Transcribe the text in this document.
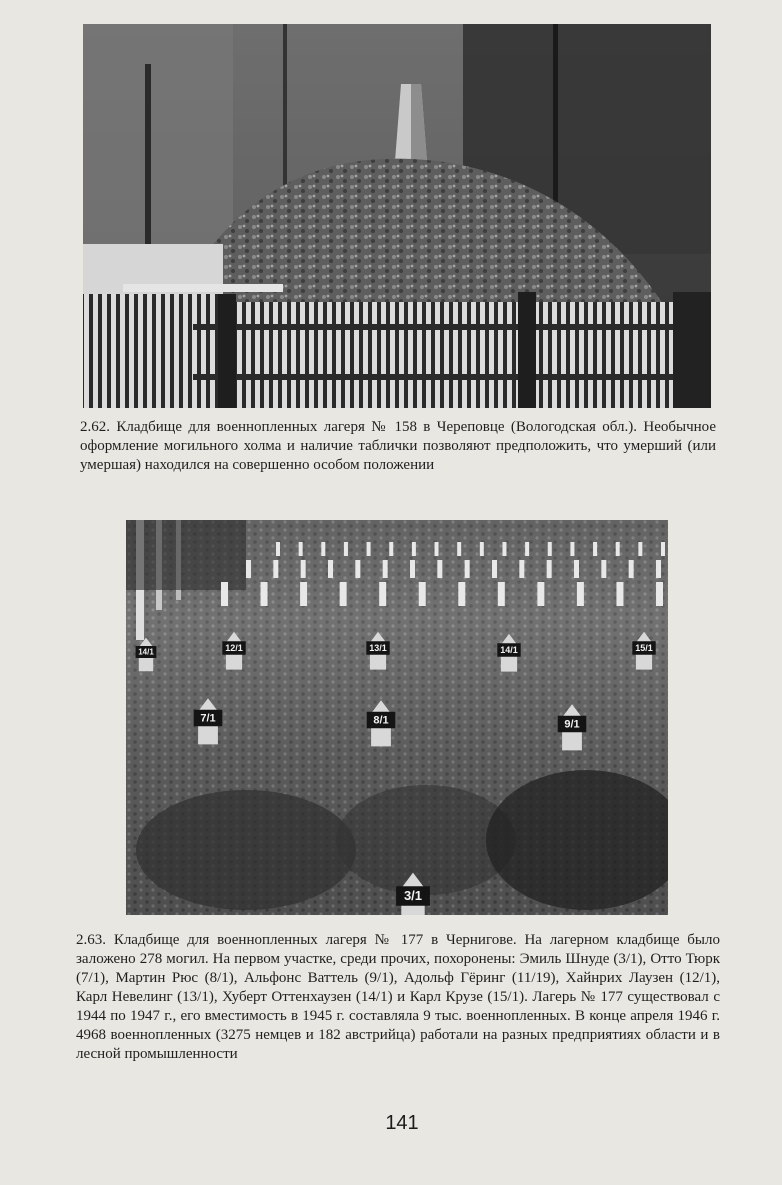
2.62. Кладбище для военнопленных лагеря № 158 в Череповце (Вологодская обл.). Необычное оформление могильного холма и наличие таблички позволяют предположить, что умерший (или умершая) находился на совершенно особом положении
14/1	12/1	13/1	14/1	15/1
7/1	8/1	9/1
3/1
2.63. Кладбище для военнопленных лагеря № 177 в Чернигове. На лагерном кладбище было заложено 278 могил. На первом участке, среди прочих, похоронены: Эмиль Шнуде (3/1), Отто Тюрк (7/1), Мартин Рюс (8/1), Альфонс Ваттель (9/1), Адольф Гёринг (11/19), Хайнрих Лаузен (12/1), Карл Невелинг (13/1), Хуберт Оттенхаузен (14/1) и Карл Крузе (15/1). Лагерь № 177 существовал с 1944 по 1947 г., его вместимость в 1945 г. составляла 9 тыс. военнопленных. В конце апреля 1946 г. 4968 военнопленных (3275 немцев и 182 австрийца) работали на разных предприятиях области и в лесной промышленности
141
